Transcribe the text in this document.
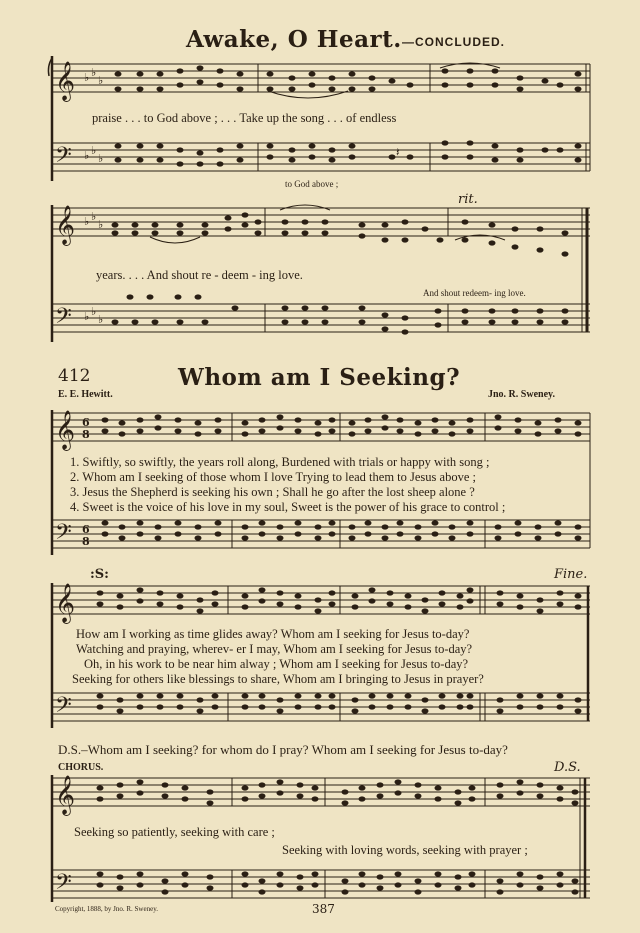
Awake, O Heart. —CONCLUDED.
𝄞
𝄢
♭ ♭
♭
♭ ♭
♭	𝄽
praise . . . to God above ; . . . Take up the song . . . of endless
to God above ;
rit.
𝄞
𝄢
♭ ♭
♭
♭ ♭
♭
years. . . . And shout re - deem - ing love.
And shout redeem- ing love.
412	Whom am I Seeking?
E. E. Hewitt.	Jno. R. Sweney.
𝄞
𝄢
6
8
6
8
1. Swiftly, so swiftly, the years roll along, Burdened with trials or happy with song ;
2. Whom am I seeking of those whom I love Trying to lead them to Jesus above ;
3. Jesus the Shepherd is seeking his own ; Shall he go after the lost sheep alone ?
4. Sweet is the voice of his love in my soul, Sweet is the power of his grace to control ;
:S:	Fine.
𝄞
𝄢
How am I working as time glides away? Whom am I seeking for Jesus to-day?
Watching and praying, wherev- er I may, Whom am I seeking for Jesus to-day?
Oh, in his work to be near him alway ; Whom am I seeking for Jesus to-day?
Seeking for others like blessings to share, Whom am I bringing to Jesus in prayer?
D.S.–Whom am I seeking? for whom do I pray? Whom am I seeking for Jesus to-day?
CHORUS.	D.S.
𝄞
𝄢
Seeking so patiently, seeking with care ;
Seeking with loving words, seeking with prayer ;
Copyright, 1888, by Jno. R. Sweney.	387
